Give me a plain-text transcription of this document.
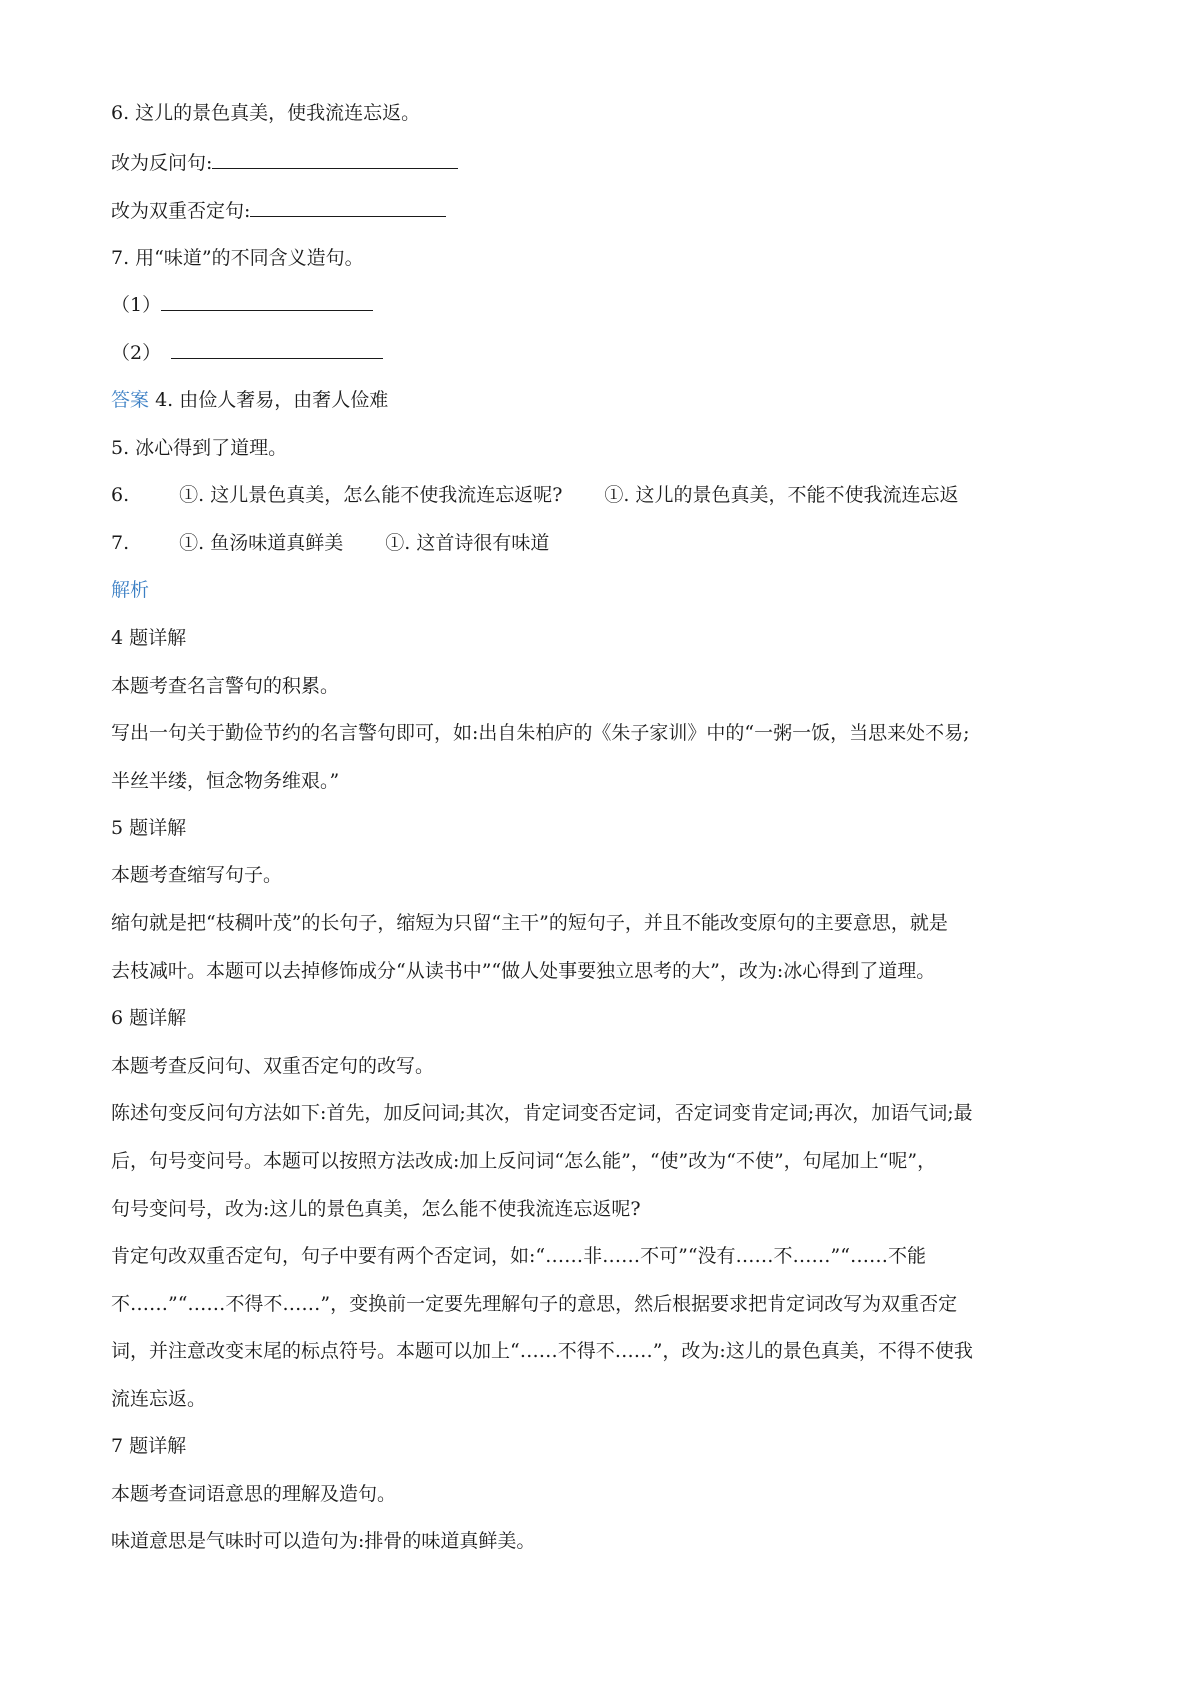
6. 这儿的景色真美，使我流连忘返。
改为反问句:
改为双重否定句:
7. 用“味道”的不同含义造句。
（1）
（2）
答案 4. 由俭人奢易，由奢人俭难
5. 冰心得到了道理。
6.	①. 这儿景色真美，怎么能不使我流连忘返呢? ①. 这儿的景色真美，不能不使我流连忘返
7.	①. 鱼汤味道真鲜美 ①. 这首诗很有味道
解析
4 题详解
本题考查名言警句的积累。
写出一句关于勤俭节约的名言警句即可，如:出自朱柏庐的《朱子家训》中的“一粥一饭，当思来处不易;
半丝半缕，恒念物务维艰。”
5 题详解
本题考查缩写句子。
缩句就是把“枝稠叶茂”的长句子，缩短为只留“主干”的短句子，并且不能改变原句的主要意思，就是
去枝减叶。本题可以去掉修饰成分“从读书中”“做人处事要独立思考的大”，改为:冰心得到了道理。
6 题详解
本题考查反问句、双重否定句的改写。
陈述句变反问句方法如下:首先，加反问词;其次，肯定词变否定词，否定词变肯定词;再次，加语气词;最
后，句号变问号。本题可以按照方法改成:加上反问词“怎么能”，“使”改为“不使”，句尾加上“呢”，
句号变问号，改为:这儿的景色真美，怎么能不使我流连忘返呢?
肯定句改双重否定句，句子中要有两个否定词，如:“……非……不可”“没有……不……”“……不能
不……”“……不得不……”，变换前一定要先理解句子的意思，然后根据要求把肯定词改写为双重否定
词，并注意改变末尾的标点符号。本题可以加上“……不得不……”，改为:这儿的景色真美，不得不使我
流连忘返。
7 题详解
本题考查词语意思的理解及造句。
味道意思是气味时可以造句为:排骨的味道真鲜美。
